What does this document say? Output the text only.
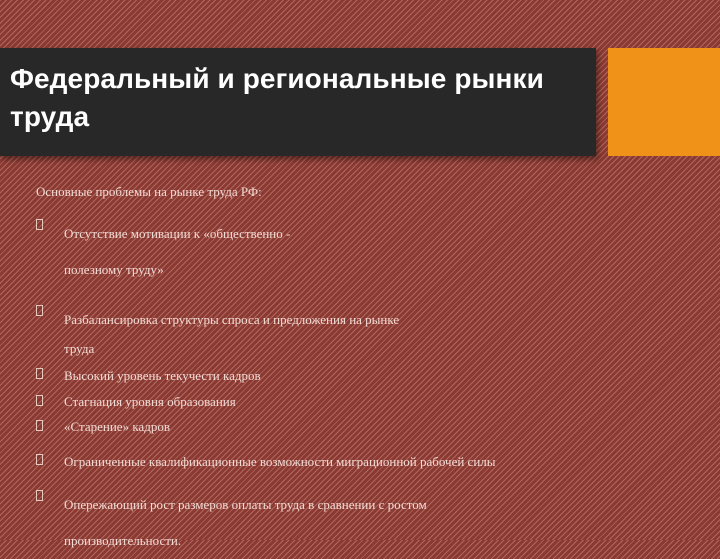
Федеральный и региональные рынки труда

Основные проблемы на рынке труда РФ:

Отсутствие мотивации к «общественно -
полезному труду»
Разбалансировка структуры спроса и предложения на рынке
труда
Высокий уровень текучести кадров
Стагнация уровня образования
«Старение» кадров
Ограниченные квалификационные возможности миграционной рабочей силы
Опережающий рост размеров оплаты труда в сравнении с ростом
производительности.
